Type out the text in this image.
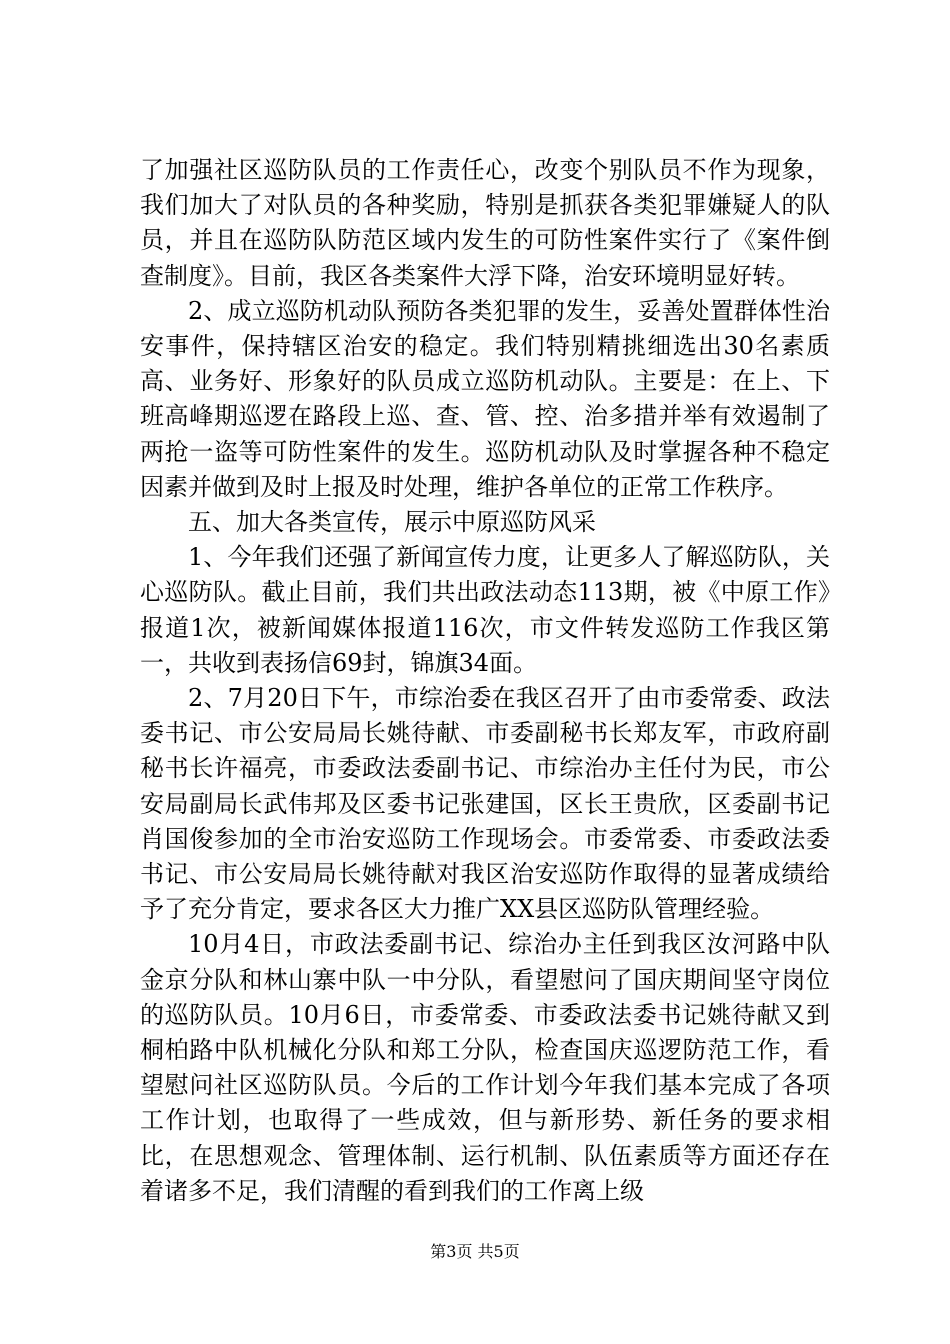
了加强社区巡防队员的工作责任心，改变个别队员不作为现象，我们加大了对队员的各种奖励，特别是抓获各类犯罪嫌疑人的队员，并且在巡防队防范区域内发生的可防性案件实行了《案件倒查制度》。目前，我区各类案件大浮下降，治安环境明显好转。

2、成立巡防机动队预防各类犯罪的发生，妥善处置群体性治安事件，保持辖区治安的稳定。我们特别精挑细选出30名素质高、业务好、形象好的队员成立巡防机动队。主要是：在上、下班高峰期巡逻在路段上巡、查、管、控、治多措并举有效遏制了两抢一盗等可防性案件的发生。巡防机动队及时掌握各种不稳定因素并做到及时上报及时处理，维护各单位的正常工作秩序。

五、加大各类宣传，展示中原巡防风采

1、今年我们还强了新闻宣传力度，让更多人了解巡防队，关心巡防队。截止目前，我们共出政法动态113期，被《中原工作》报道1次，被新闻媒体报道116次，市文件转发巡防工作我区第一，共收到表扬信69封，锦旗34面。

2、7月20日下午，市综治委在我区召开了由市委常委、政法委书记、市公安局局长姚待献、市委副秘书长郑友军，市政府副秘书长许福亮，市委政法委副书记、市综治办主任付为民，市公安局副局长武伟邦及区委书记张建国，区长王贵欣，区委副书记肖国俊参加的全市治安巡防工作现场会。市委常委、市委政法委书记、市公安局局长姚待献对我区治安巡防作取得的显著成绩给予了充分肯定，要求各区大力推广XX县区巡防队管理经验。

10月4日，市政法委副书记、综治办主任到我区汝河路中队金京分队和林山寨中队一中分队，看望慰问了国庆期间坚守岗位的巡防队员。10月6日，市委常委、市委政法委书记姚待献又到桐柏路中队机械化分队和郑工分队，检查国庆巡逻防范工作，看望慰问社区巡防队员。今后的工作计划今年我们基本完成了各项工作计划，也取得了一些成效，但与新形势、新任务的要求相比，在思想观念、管理体制、运行机制、队伍素质等方面还存在着诸多不足，我们清醒的看到我们的工作离上级

第3页 共5页
